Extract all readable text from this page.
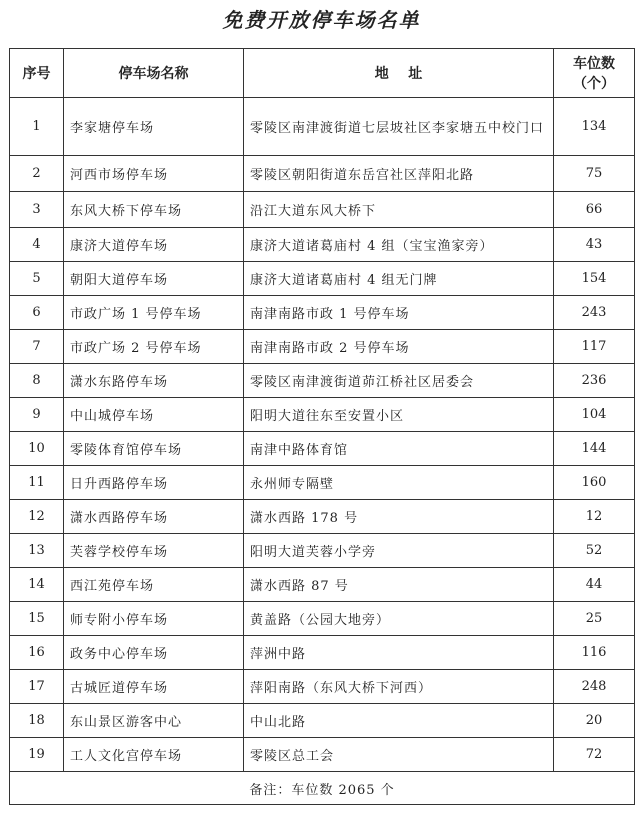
免费开放停车场名单
序号	停车场名称	地    址	车位数
（个）

1	李家塘停车场	零陵区南津渡街道七层坡社区李家塘五中校门口	134
2	河西市场停车场	零陵区朝阳街道东岳宫社区萍阳北路	75
3	东风大桥下停车场	沿江大道东风大桥下	66
4	康济大道停车场	康济大道诸葛庙村 4 组（宝宝渔家旁）	43
5	朝阳大道停车场	康济大道诸葛庙村 4 组无门牌	154
6	市政广场 1 号停车场	南津南路市政 1 号停车场	243
7	市政广场 2 号停车场	南津南路市政 2 号停车场	117
8	潇水东路停车场	零陵区南津渡街道茆江桥社区居委会	236
9	中山城停车场	阳明大道往东至安置小区	104
10	零陵体育馆停车场	南津中路体育馆	144
11	日升西路停车场	永州师专隔壁	160
12	潇水西路停车场	潇水西路 178 号	12
13	芙蓉学校停车场	阳明大道芙蓉小学旁	52
14	西江苑停车场	潇水西路 87 号	44
15	师专附小停车场	黄盖路（公园大地旁）	25
16	政务中心停车场	萍洲中路	116
17	古城匠道停车场	萍阳南路（东风大桥下河西）	248
18	东山景区游客中心	中山北路	20
19	工人文化宫停车场	零陵区总工会	72
备注：车位数 2065 个			
